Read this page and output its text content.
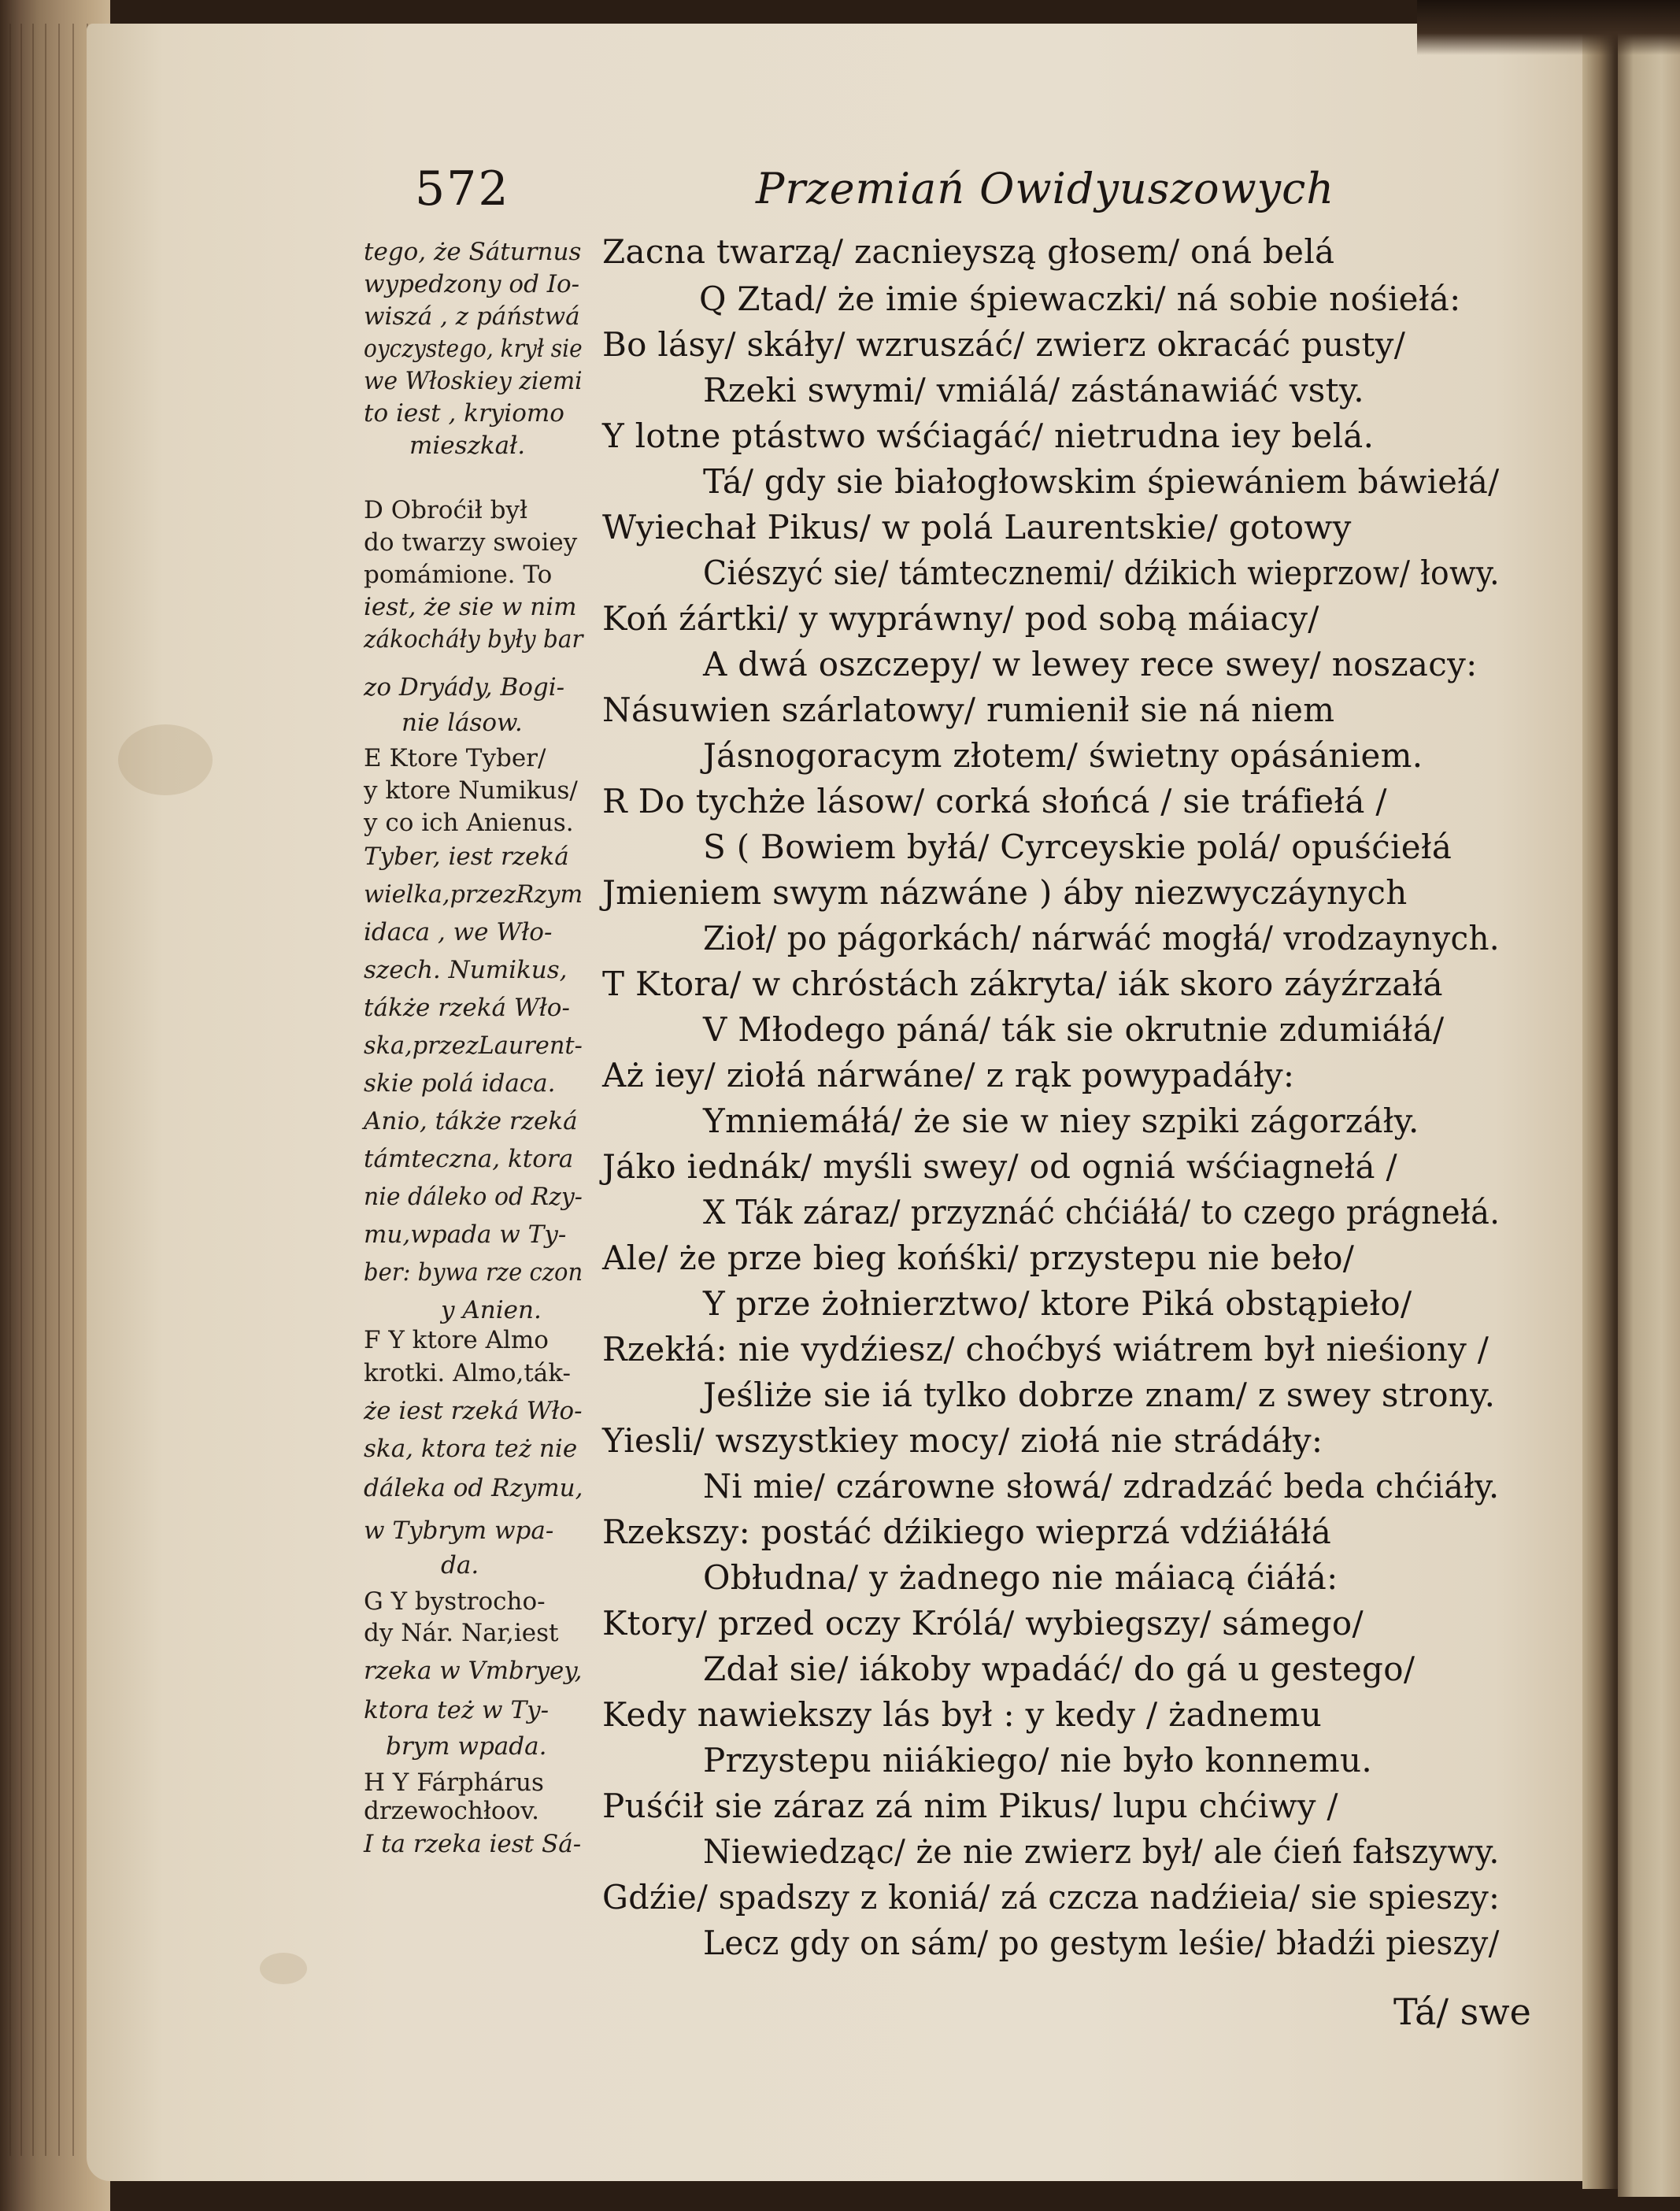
572	Przemiań Owidyuszowych
tego, że Sáturnus
wypedzony od Io-
wiszá , z páństwá
oyczystego, krył sie
we Włoskiey ziemi
to iest , kryiomo
mieszkał.
D Obroćił był
do twarzy swoiey
pomámione. To
iest, że sie w nim
zákocháły były bar
zo Dryády, Bogi-
nie lásow.
E Ktore Tyber/
y ktore Numikus/
y co ich Anienus.
Tyber, iest rzeká
wielka,przezRzym
idaca , we Wło-
szech. Numikus,
tákże rzeká Wło-
ska,przezLaurent-
skie polá idaca.
Anio, tákże rzeká
támteczna, ktora
nie dáleko od Rzy-
mu,wpada w Ty-
ber: bywa rze czon
y Anien.
F Y ktore Almo
krotki. Almo,ták-
że iest rzeká Wło-
ska, ktora też nie
dáleka od Rzymu,
w Tybrym wpa-
da.
G Y bystrocho-
dy Nár. Nar,iest
rzeka w Vmbryey,
ktora też w Ty-
brym wpada.
H Y Fárphárus
drzewochłoov.
I ta rzeka iest Sá-
Zacna twarzą/ zacnieyszą głosem/ oná belá
Q Ztad/ że imie śpiewaczki/ ná sobie nośiełá:
Bo lásy/ skáły/ wzruszáć/ zwierz okracáć pusty/
Rzeki swymi/ vmiálá/ zástánawiáć vsty.
Y lotne ptástwo wśćiagáć/ nietrudna iey belá.
Tá/ gdy sie białogłowskim śpiewániem báwiełá/
Wyiechał Pikus/ w polá Laurentskie/ gotowy
Ciészyć sie/ támtecznemi/ dźikich wieprzow/ łowy.
Koń źártki/ y wypráwny/ pod sobą máiacy/
A dwá oszczepy/ w lewey rece swey/ noszacy:
Násuwien szárlatowy/ rumienił sie ná niem
Jásnogoracym złotem/ świetny opásániem.
R Do tychże lásow/ corká słońcá / sie tráfiełá /
S ( Bowiem byłá/ Cyrceyskie polá/ opuśćiełá
Jmieniem swym názwáne ) áby niezwyczáynych
Zioł/ po págorkách/ nárwáć mogłá/ vrodzaynych.
T Ktora/ w chróstách zákryta/ iák skoro záyźrzałá
V Młodego páná/ ták sie okrutnie zdumiáłá/
Aż iey/ ziołá nárwáne/ z rąk powypadáły:
Ymniemáłá/ że sie w niey szpiki zágorzáły.
Jáko iednák/ myśli swey/ od ogniá wśćiagnełá /
X Ták záraz/ przyznáć chćiáłá/ to czego prágnełá.
Ale/ że prze bieg końśki/ przystepu nie beło/
Y prze żołnierztwo/ ktore Piká obstąpieło/
Rzekłá: nie vydźiesz/ choćbyś wiátrem był nieśiony /
Jeśliże sie iá tylko dobrze znam/ z swey strony.
Yiesli/ wszystkiey mocy/ ziołá nie strádáły:
Ni mie/ czárowne słowá/ zdradzáć beda chćiáły.
Rzekszy: postáć dźikiego wieprzá vdźiáłáłá
Obłudna/ y żadnego nie máiacą ćiáłá:
Ktory/ przed oczy Królá/ wybiegszy/ sámego/
Zdał sie/ iákoby wpadáć/ do gá u gestego/
Kedy nawiekszy lás był : y kedy / żadnemu
Przystepu niiákiego/ nie było konnemu.
Puśćił sie záraz zá nim Pikus/ lupu chćiwy /
Niewiedząc/ że nie zwierz był/ ale ćień fałszywy.
Gdźie/ spadszy z koniá/ zá czcza nadźieia/ sie spieszy:
Lecz gdy on sám/ po gestym leśie/ bładźi pieszy/
Tá/ swe
